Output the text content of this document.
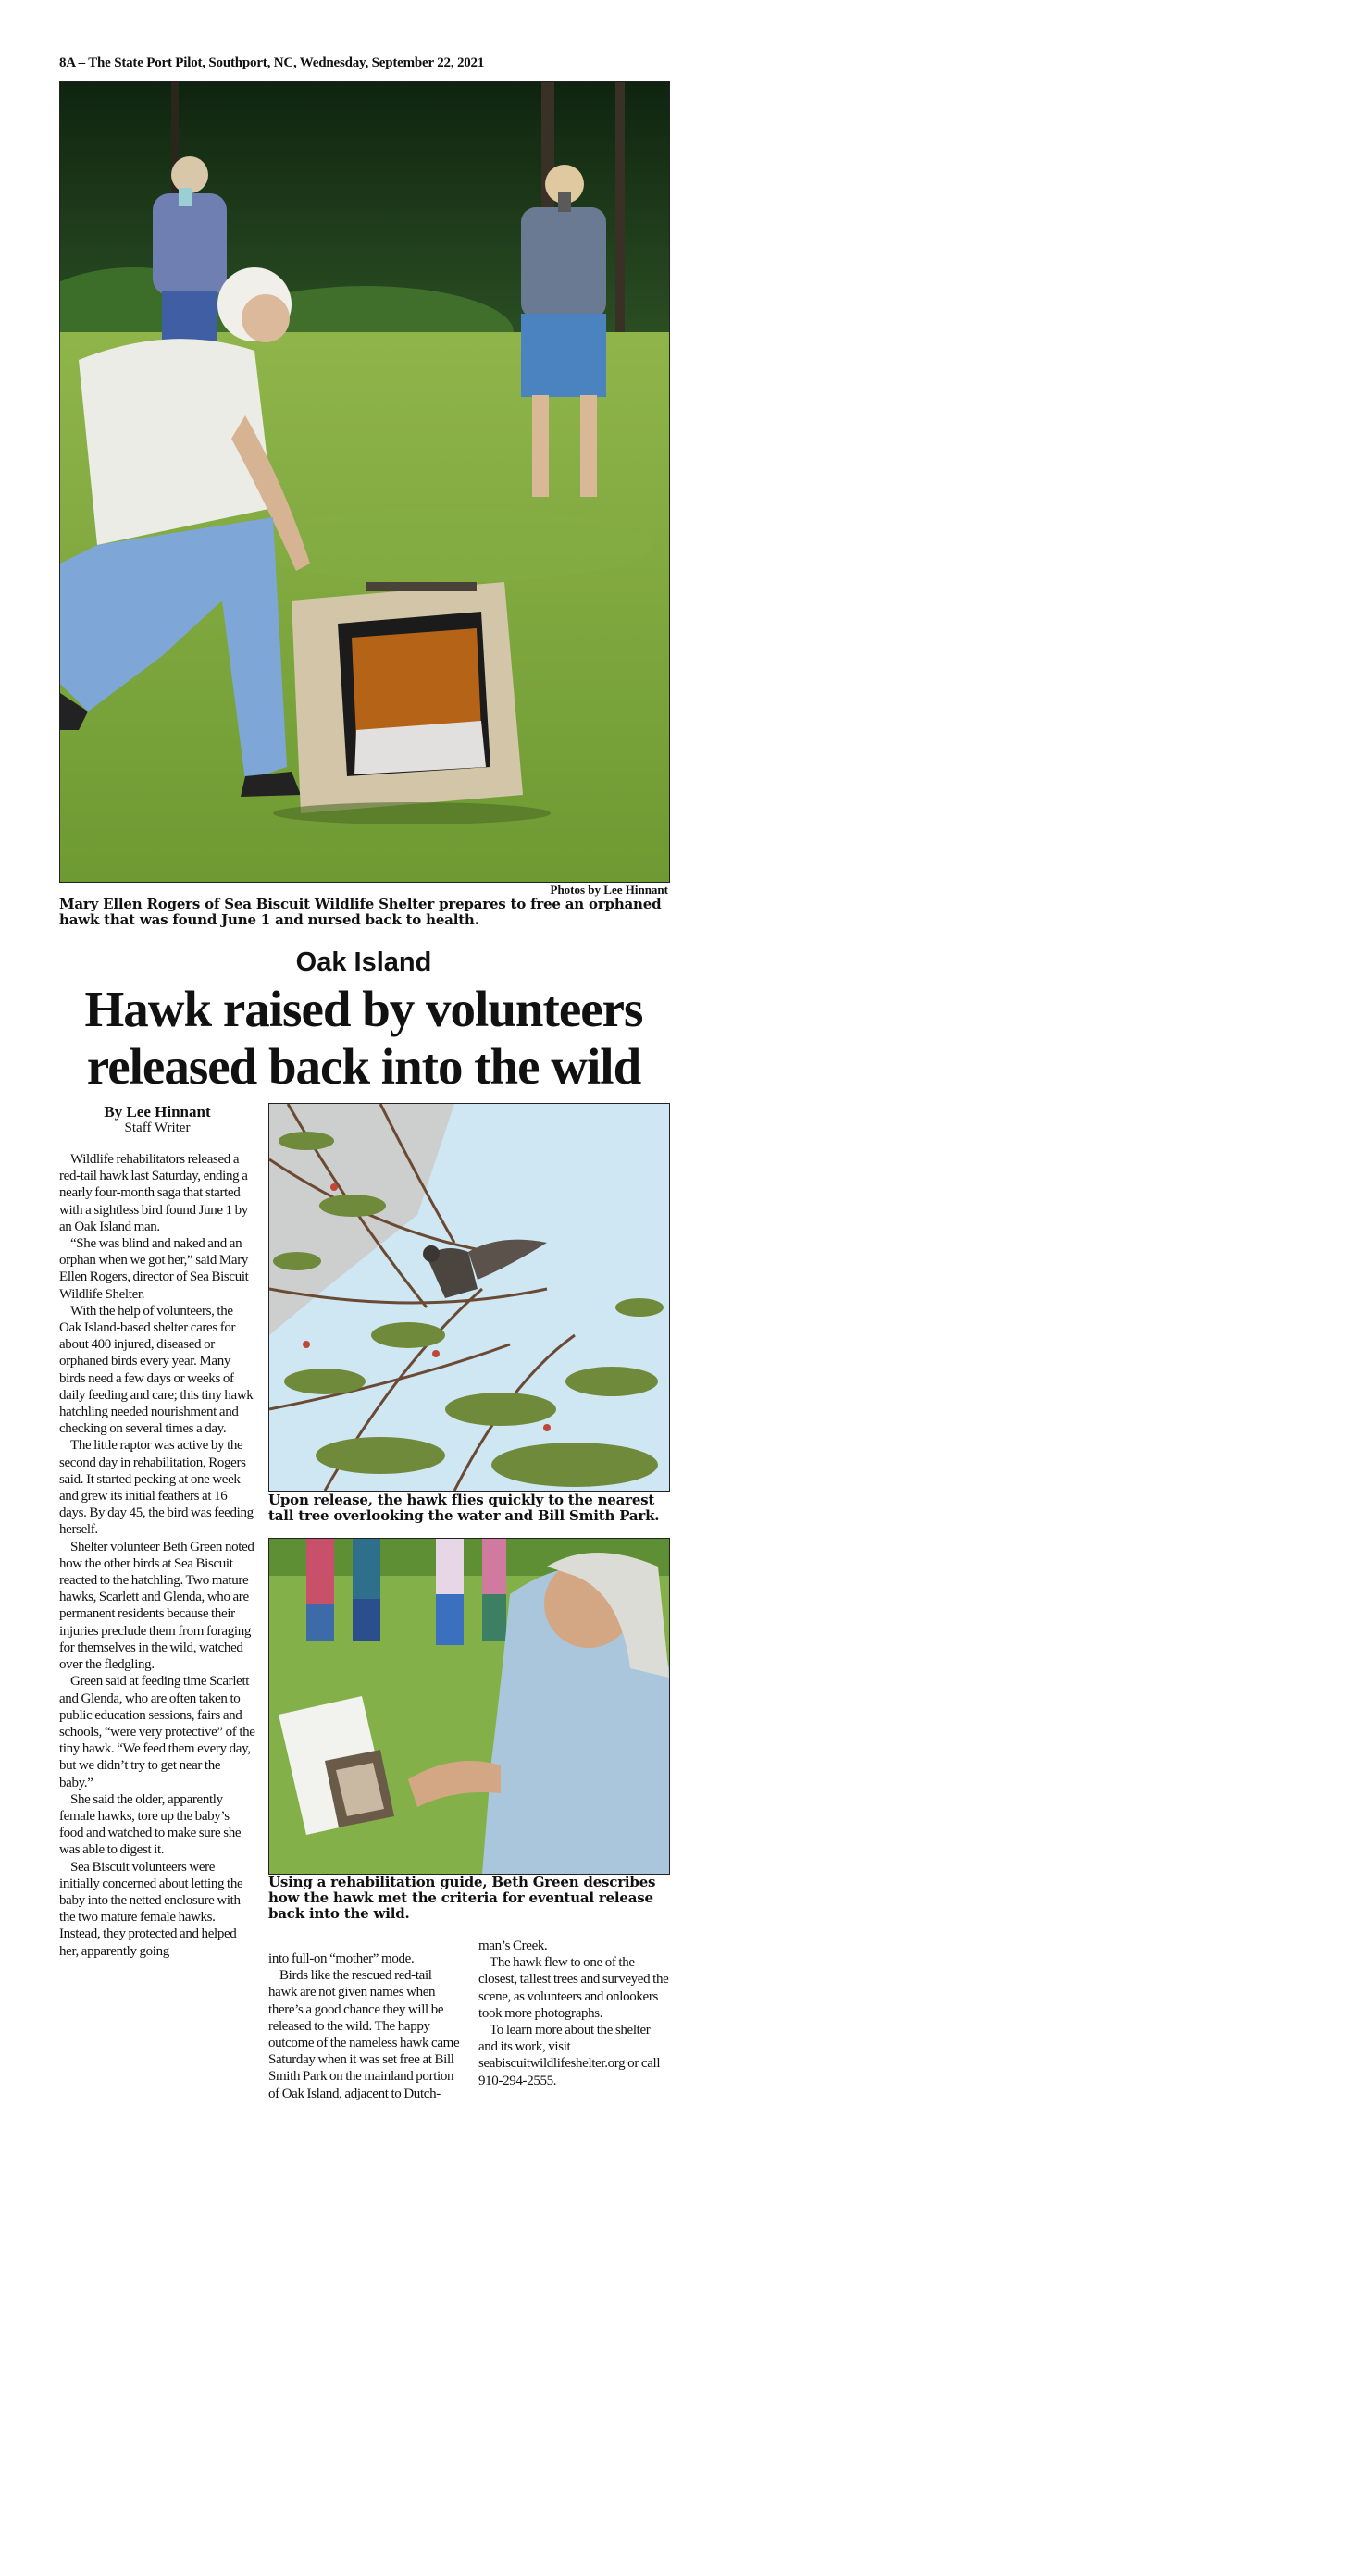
8A – The State Port Pilot, Southport, NC, Wednesday, September 22, 2021
Photos by Lee Hinnant
Mary Ellen Rogers of Sea Biscuit Wildlife Shelter prepares to free an orphaned hawk that was found June 1 and nursed back to health.
Oak Island
Hawk raised by volunteers
released back into the wild
By Lee Hinnant
Staff Writer

Wildlife rehabilitators released a red-tail hawk last Saturday, ending a nearly four-month saga that started with a sightless bird found June 1 by an Oak Island man.

“She was blind and naked and an orphan when we got her,” said Mary Ellen Rogers, director of Sea Biscuit Wildlife Shelter.

With the help of volunteers, the Oak Island-based shelter cares for about 400 injured, diseased or orphaned birds every year. Many birds need a few days or weeks of daily feeding and care; this tiny hawk hatchling needed nourishment and checking on several times a day.

The little raptor was active by the second day in rehabilitation, Rogers said. It started pecking at one week and grew its initial feathers at 16 days. By day 45, the bird was feeding herself.

Shelter volunteer Beth Green noted how the other birds at Sea Biscuit reacted to the hatchling. Two mature hawks, Scarlett and Glenda, who are permanent residents because their injuries preclude them from foraging for themselves in the wild, watched over the fledgling.

Green said at feeding time Scarlett and Glenda, who are often taken to public education sessions, fairs and schools, “were very protective” of the tiny hawk. “We feed them every day, but we didn’t try to get near the baby.”

She said the older, apparently female hawks, tore up the baby’s food and watched to make sure she was able to digest it.

Sea Biscuit volunteers were initially concerned about letting the baby into the netted enclosure with the two mature female hawks. Instead, they protected and helped her, apparently going

Upon release, the hawk flies quickly to the nearest tall tree overlooking the water and Bill Smith Park.
Using a rehabilitation guide, Beth Green describes how the hawk met the criteria for eventual release back into the wild.

into full-on “mother” mode.

Birds like the rescued red-tail hawk are not given names when there’s a good chance they will be released to the wild. The happy outcome of the nameless hawk came Saturday when it was set free at Bill Smith Park on the mainland portion of Oak Island, adjacent to Dutch-

man’s Creek.

The hawk flew to one of the closest, tallest trees and surveyed the scene, as volunteers and onlookers took more photographs.

To learn more about the shelter and its work, visit seabiscuitwildlifeshelter.org or call 910-294-2555.
